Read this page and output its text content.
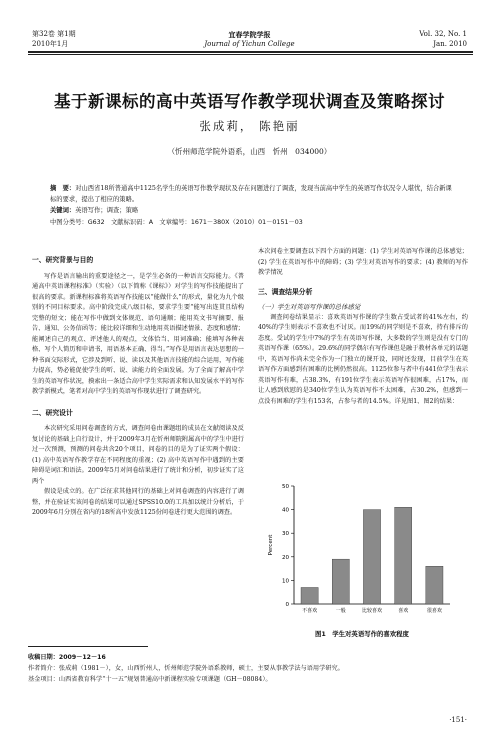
第32卷 第1期
2010年1月
宜春学院学报
Journal of Yichun College
Vol. 32, No. 1
Jan. 2010
基于新课标的高中英语写作教学现状调查及策略探讨
张成莉， 陈艳丽
（忻州师范学院外语系，山西　忻州　034000）
摘　要：对山西省18所普通高中1125名学生的英语写作教学现状及存在问题进行了调查，发现当前高中学生的英语写作状况令人堪忧，结合新课标的要求，提出了相应的策略。
关键词：英语写作；调查；策略
中图分类号：G632　文献标识码：A　文章编号：1671－380X（2010）01－0151－03
一、研究背景与目的
写作是语言输出的重要途径之一，是学生必备的一种语言交际能力。《普通高中英语课程标准》（实验）（以下简称《课标》）对学生的写作技能提出了很高的要求。新课程标准将英语写作技能以“能做什么”的形式，量化为九个级别的不同目标要求。高中阶段完成八级目标，要求学生要“能写出连贯且结构完整的短文；能在写作中做到文体规范、语句通顺；能用英文书写摘要、报告、通知、公务信函等；能比较详细和生动地用英语描述情景、态度和感情；能阐述自己的观点、评述他人的观点，文体恰当、用词准确；能填写各种表格、写个人简历和申请书，用语基本正确、得当。”写作是用语言表达思想的一种书面交际形式，它涉及到听、说、读以及其他语言技能的综合运用，写作能力提高，势必能促使学生的听、说、读能力的全面发展。为了全面了解高中学生的英语写作状况，摸索出一条适合高中学生实际需求和认知发展水平的写作教学新模式，笔者对高中学生的英语写作现状进行了调查研究。
二、研究设计
本次研究采用问卷调查的方式，调查问卷由课题组的成员在文献阅读及反复讨论的基础上自行设计，并于2009年3月在忻州师院附属高中的学生中进行过一次预测，预测的问卷共含20个项目，问卷的目的是为了证实两个假设：(1) 高中英语写作教学存在不同程度的重视；(2) 高中英语写作中遇到的主要障碍是词汇和语法。2009年5月对问卷结果进行了统计和分析，初步证实了这两个
假设是成立的。在广泛征求其他同行的基础上对问卷调查的内容进行了调整，并在验证实该问卷的结果可以通过SPSS10.0的工具加以统计分析后，于2009年6月分别在省内的18所高中发放1125份问卷进行更大范围的调查。
本次问卷主要调查以下四个方面的问题：(1) 学生对英语写作课的总体感觉；(2) 学生在英语写作中的障碍；(3) 学生对英语写作的要求；(4) 教师的写作教学情况
三、调查结果分析
（一）学生对英语写作课的总体感觉
调查问卷结果显示：喜欢英语写作课的学生数占受试者的41%左右，约40%的学生则表示不喜欢也不讨厌。而19%的同学则是不喜欢，持有排斥的态度。受试的学生中7%的学生有英语写作课，大多数的学生则是没有专门的英语写作课（65%）。29.6%的同学偶尔有写作课但是融于教材各单元的话题中，英语写作尚未完全作为一门独立的课开设，同时还发现，目前学生在英语写作方面感到有困难的比例仍然很高。1125位参与者中有441位学生表示英语写作有难，占38.3%，有191位学生表示英语写作很困难，占17%，而让人感到欣慰的是340位学生认为英语写作不太困难，占30.2%，但感到一点没有困难的学生有153名，占参与者的14.5%。详见图1、图2的结果：
0
10
20
30
40
50
Percent
不喜欢	一般	比较喜欢	喜欢	很喜欢
图1　学生对英语写作的喜欢程度
收稿日期：2009－12－16
作者简介：张成莉（1981－），女，山西忻州人，忻州师范学院外语系教师，硕士，主要从事教学法与语用学研究。
基金项目：山西省教育科学“十一五”规划普通高中新课程实验专项课题（GH－08084）。
·151·
